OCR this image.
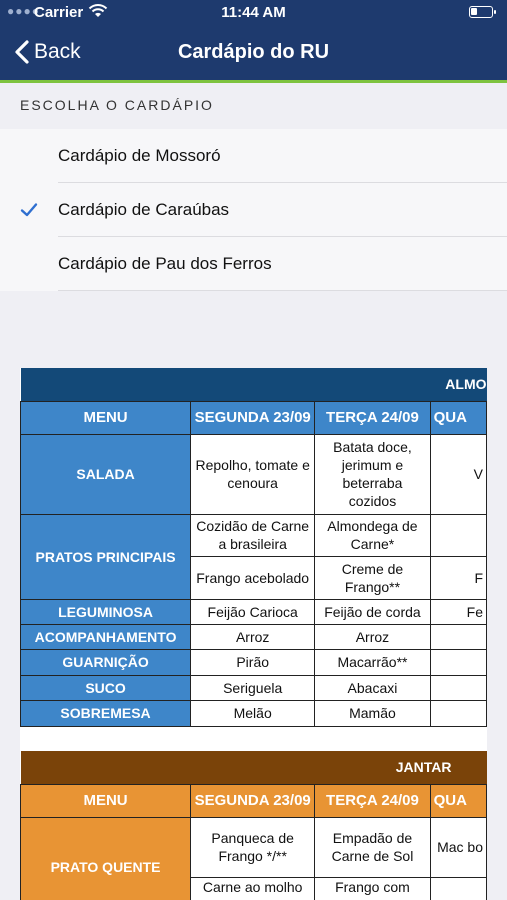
●●●●
Carrier	11:44 AM
Back	Cardápio do RU
ESCOLHA O CARDÁPIO
Cardápio de Mossoró
Cardápio de Caraúbas
Cardápio de Pau dos Ferros
ALMO			
MENU	SEGUNDA 23/09	TERÇA 24/09	QUA
SALADA	Repolho, tomate e cenoura	Batata doce, jerimum e beterraba cozidos	V
PRATOS PRINCIPAIS	Cozidão de Carne a brasileira	Almondega de Carne*	
	Frango acebolado	Creme de Frango**	F
LEGUMINOSA	Feijão Carioca	Feijão de corda	Fe
ACOMPANHAMENTO	Arroz	Arroz	
GUARNIÇÃO	Pirão	Macarrão**	
SUCO	Seriguela	Abacaxi	
SOBREMESA	Melão	Mamão	

JANTAR			
MENU	SEGUNDA 23/09	TERÇA 24/09	QUA
PRATO QUENTE	Panqueca de Frango */**	Empadão de Carne de Sol	Mac bo
	Carne ao molho	Frango com	
